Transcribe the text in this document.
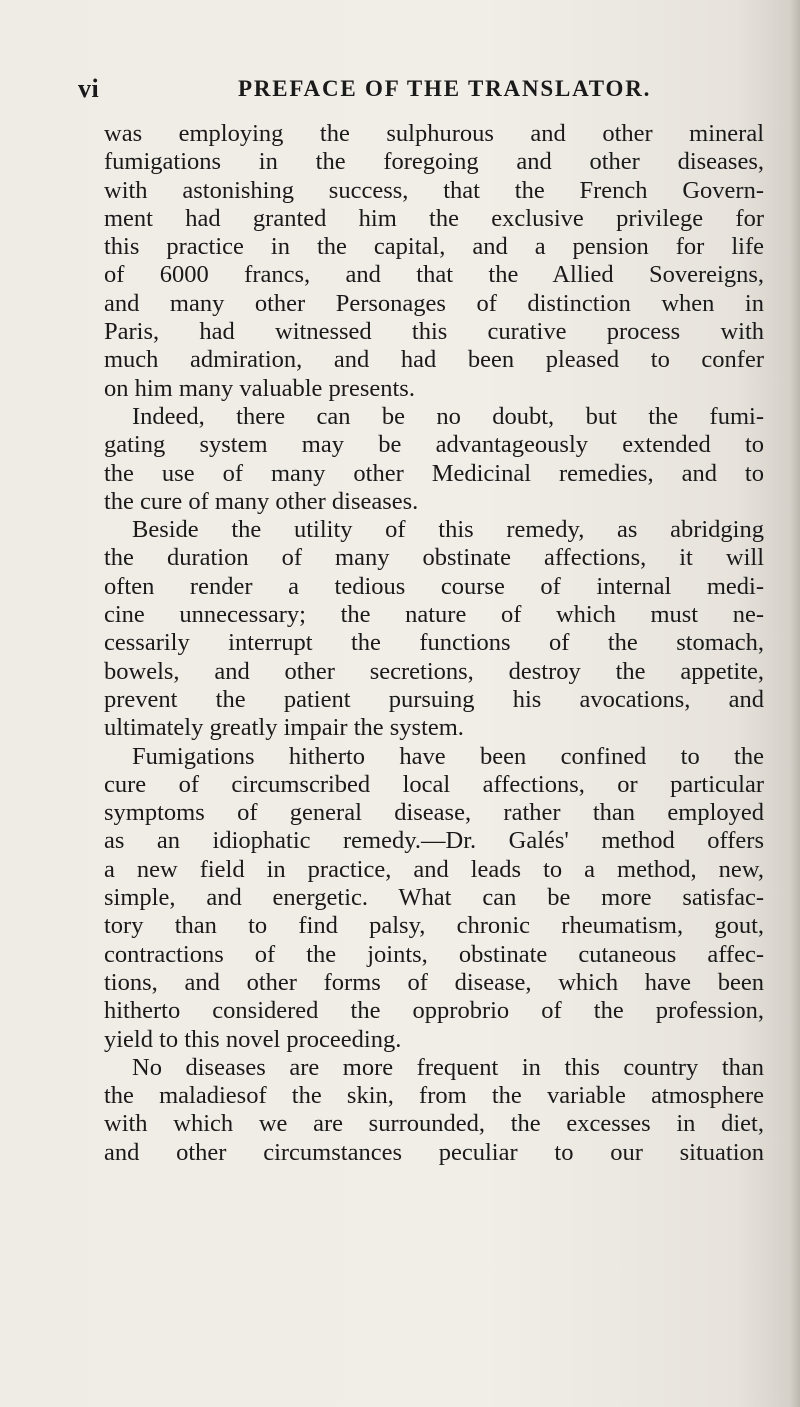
vi	PREFACE OF THE TRANSLATOR.
was employing the sulphurous and other mineral
fumigations in the foregoing and other diseases,
with astonishing success, that the French Govern-
ment had granted him the exclusive privilege for
this practice in the capital, and a pension for life
of 6000 francs, and that the Allied Sovereigns,
and many other Personages of distinction when in
Paris, had witnessed this curative process with
much admiration, and had been pleased to confer
on him many valuable presents.
Indeed, there can be no doubt, but the fumi-
gating system may be advantageously extended to
the use of many other Medicinal remedies, and to
the cure of many other diseases.
Beside the utility of this remedy, as abridging
the duration of many obstinate affections, it will
often render a tedious course of internal medi-
cine unnecessary; the nature of which must ne-
cessarily interrupt the functions of the stomach,
bowels, and other secretions, destroy the appetite,
prevent the patient pursuing his avocations, and
ultimately greatly impair the system.
Fumigations hitherto have been confined to the
cure of circumscribed local affections, or particular
symptoms of general disease, rather than employed
as an idiophatic remedy.—Dr. Galés' method offers
a new field in practice, and leads to a method, new,
simple, and energetic. What can be more satisfac-
tory than to find palsy, chronic rheumatism, gout,
contractions of the joints, obstinate cutaneous affec-
tions, and other forms of disease, which have been
hitherto considered the opprobrio of the profession,
yield to this novel proceeding.
No diseases are more frequent in this country than
the maladiesof the skin, from the variable atmosphere
with which we are surrounded, the excesses in diet,
and other circumstances peculiar to our situation
